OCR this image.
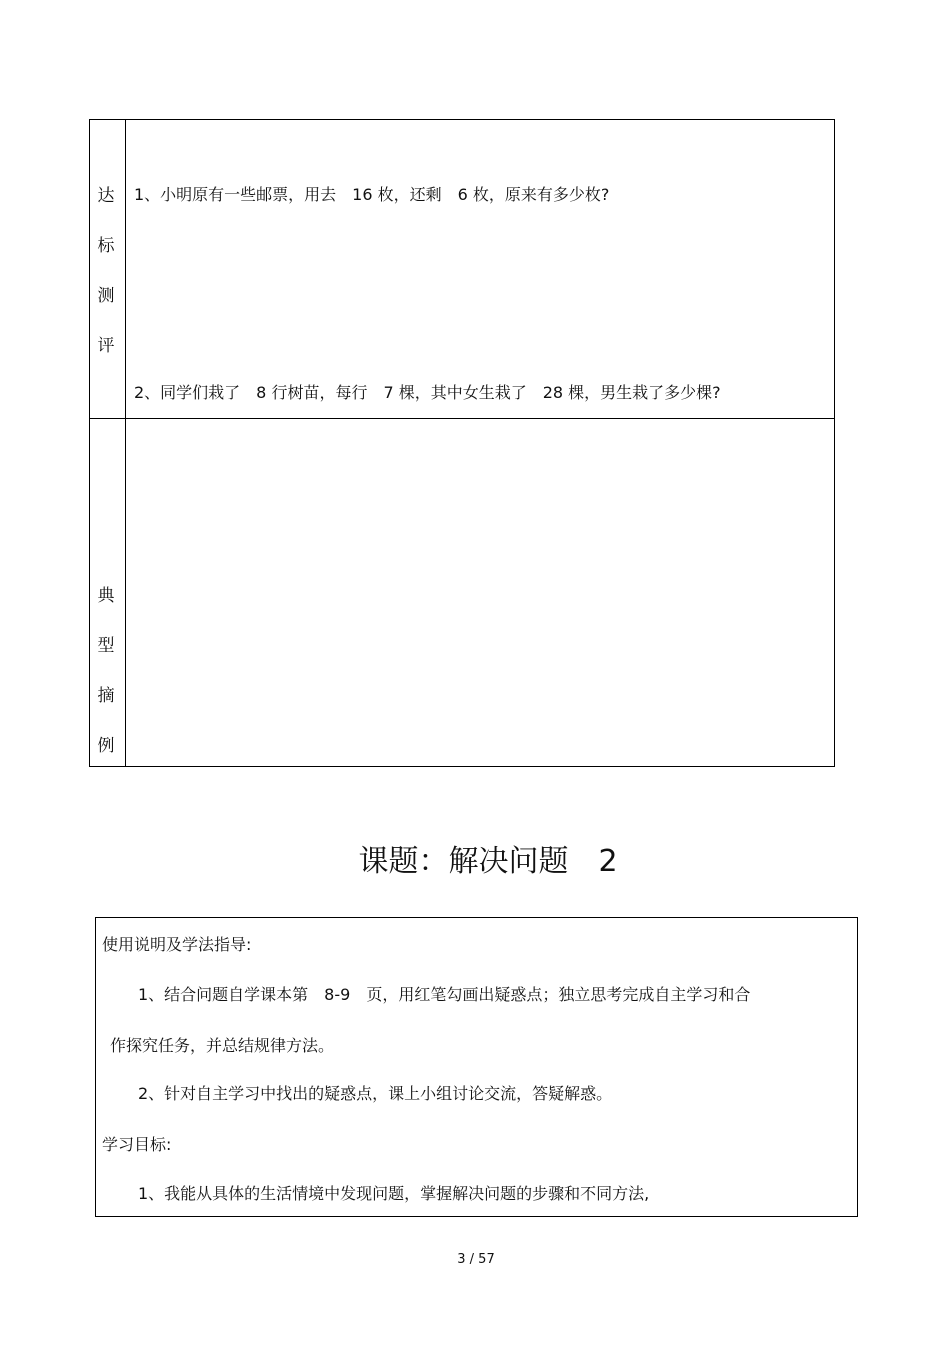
达
标
测
评
1、小明原有一些邮票，用去　16 枚，还剩　6 枚，原来有多少枚?
2、同学们栽了　8 行树苗，每行　7 棵，其中女生栽了　28 棵，男生栽了多少棵?
典
型
摘
例
课题：解决问题　2
使用说明及学法指导:
1、结合问题自学课本第　8-9　页，用红笔勾画出疑惑点；独立思考完成自主学习和合
作探究任务，并总结规律方法。
2、针对自主学习中找出的疑惑点，课上小组讨论交流，答疑解惑。
学习目标:
1、我能从具体的生活情境中发现问题，掌握解决问题的步骤和不同方法,
3 / 57
